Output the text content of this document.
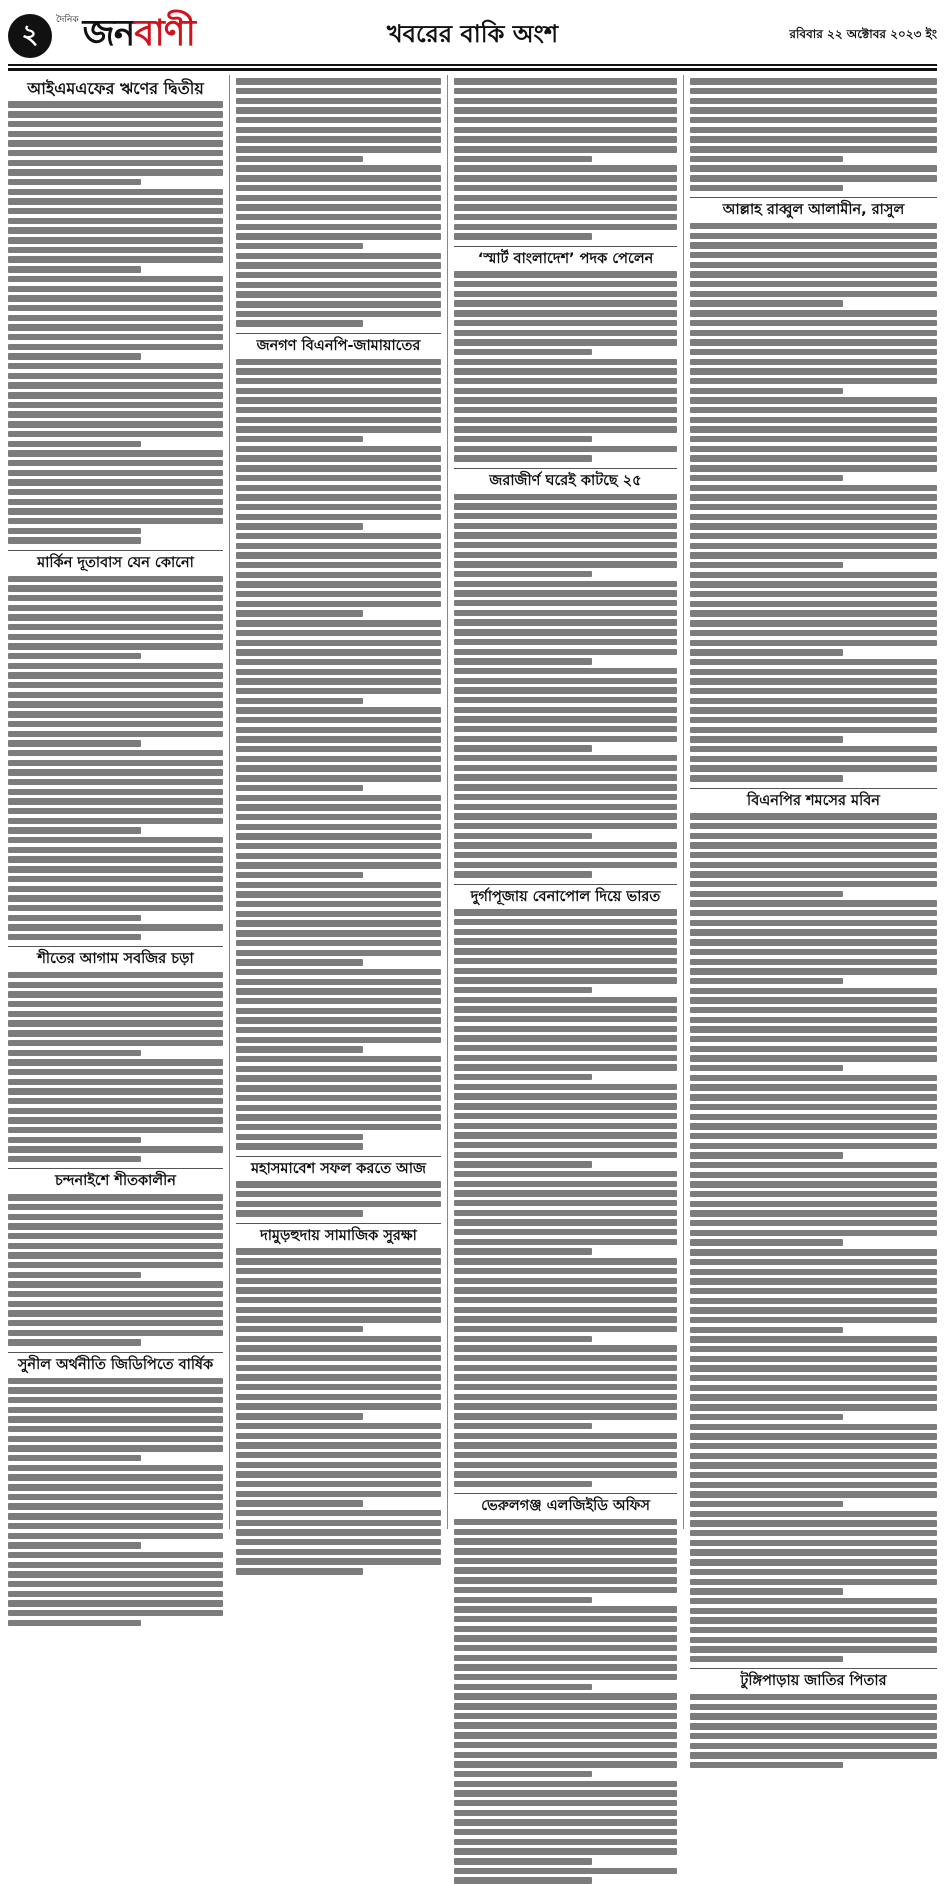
২	দৈনিক জনবাণী	খবরের বাকি অংশ	রবিবার ২২ অক্টোবর ২০২৩ ইং
আইএমএফের ঋণের দ্বিতীয়
মার্কিন দূতাবাস যেন কোনো
শীতের আগাম সবজির চড়া
চন্দনাইশে শীতকালীন
সুনীল অর্থনীতি জিডিপিতে বার্ষিক
জনগণ বিএনপি-জামায়াতের
মহাসমাবেশ সফল করতে আজ
দামুড়হুদায় সামাজিক সুরক্ষা
‘স্মার্ট বাংলাদেশ’ পদক পেলেন
জরাজীর্ণ ঘরেই কাটছে ২৫
দুর্গাপূজায় বেনাপোল দিয়ে ভারত
ভেরুলগঞ্জ এলজিইডি অফিস
আল্লাহ রাব্বুল আলামীন, রাসুল
বিএনপির শমসের মবিন
টুঙ্গিপাড়ায় জাতির পিতার
